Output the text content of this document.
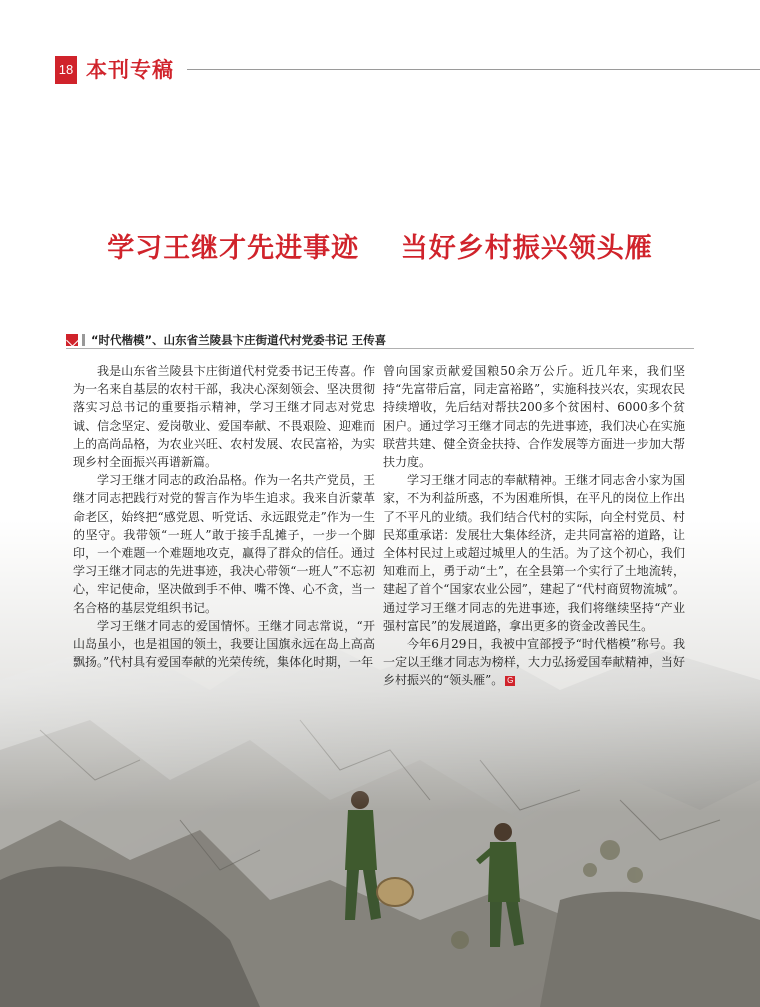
18 本刊专稿
学习王继才先进事迹    当好乡村振兴领头雁
“时代楷模”、山东省兰陵县卞庄街道代村党委书记 王传喜

我是山东省兰陵县卞庄街道代村党委书记王传喜。作为一名来自基层的农村干部，我决心深刻领会、坚决贯彻落实习总书记的重要指示精神，学习王继才同志对党忠诚、信念坚定、爱岗敬业、爱国奉献、不畏艰险、迎难而上的高尚品格，为农业兴旺、农村发展、农民富裕，为实现乡村全面振兴再谱新篇。

学习王继才同志的政治品格。作为一名共产党员，王继才同志把践行对党的誓言作为毕生追求。我来自沂蒙革命老区，始终把“感党恩、听党话、永远跟党走”作为一生的坚守。我带领“一班人”敢于接手乱摊子，一步一个脚印，一个难题一个难题地攻克，赢得了群众的信任。通过学习王继才同志的先进事迹，我决心带领“一班人”不忘初心，牢记使命，坚决做到手不伸、嘴不馋、心不贪，当一名合格的基层党组织书记。

学习王继才同志的爱国情怀。王继才同志常说，“开山岛虽小，也是祖国的领土，我要让国旗永远在岛上高高飘扬。”代村具有爱国奉献的光荣传统，集体化时期，一年

曾向国家贡献爱国粮50余万公斤。近几年来，我们坚持“先富带后富，同走富裕路”，实施科技兴农，实现农民持续增收，先后结对帮扶200多个贫困村、6000多个贫困户。通过学习王继才同志的先进事迹，我们决心在实施联营共建、健全资金扶持、合作发展等方面进一步加大帮扶力度。

学习王继才同志的奉献精神。王继才同志舍小家为国家，不为利益所惑，不为困难所惧，在平凡的岗位上作出了不平凡的业绩。我们结合代村的实际，向全村党员、村民郑重承诺：发展壮大集体经济，走共同富裕的道路，让全体村民过上或超过城里人的生活。为了这个初心，我们知难而上，勇于动“土”，在全县第一个实行了土地流转，建起了首个“国家农业公园”，建起了“代村商贸物流城”。通过学习王继才同志的先进事迹，我们将继续坚持“产业强村富民”的发展道路，拿出更多的资金改善民生。

今年6月29日，我被中宣部授予“时代楷模”称号。我一定以王继才同志为榜样，大力弘扬爱国奉献精神，当好乡村振兴的“领头雁”。 G
